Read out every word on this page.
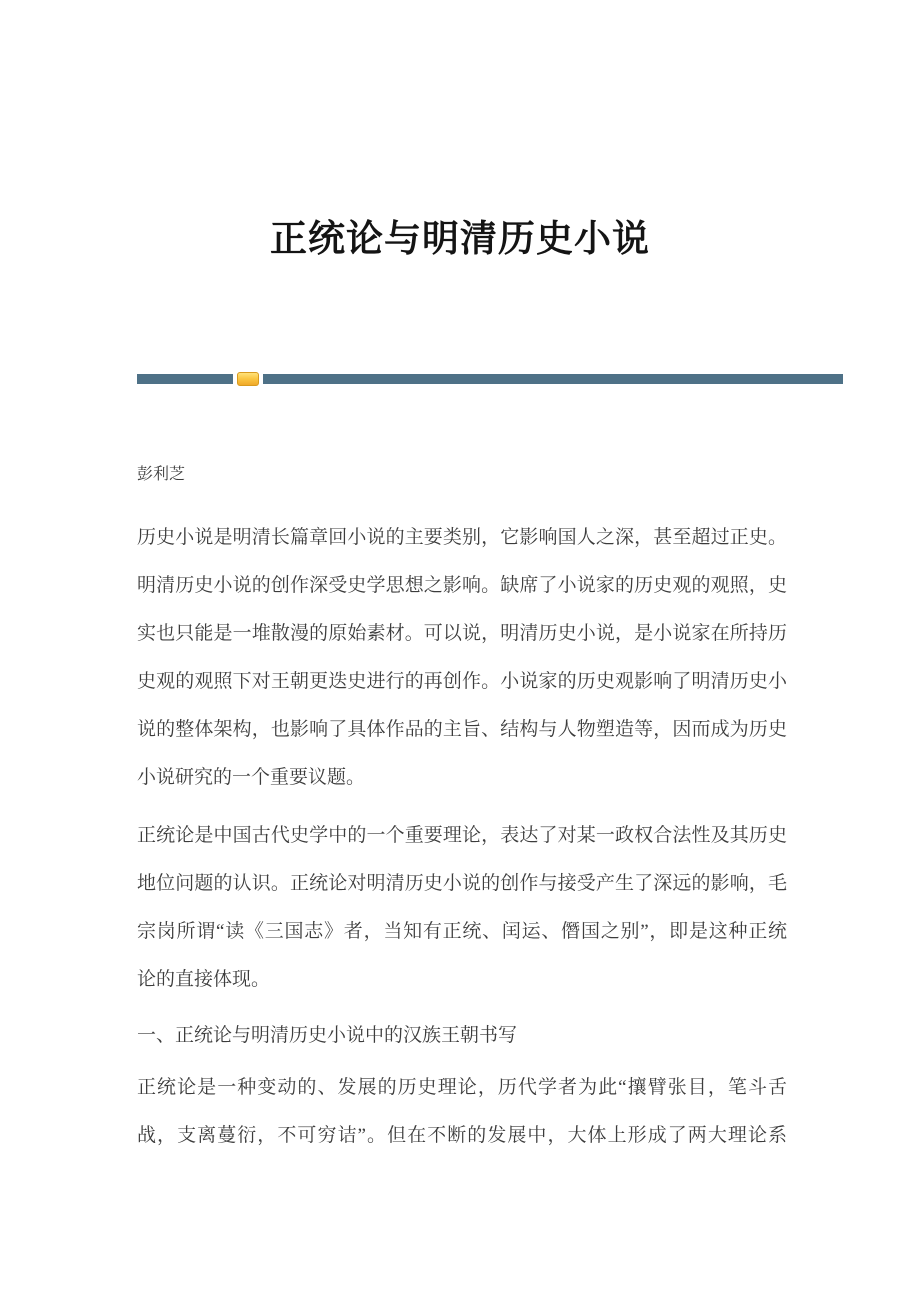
正统论与明清历史小说
彭利芝
历史小说是明清长篇章回小说的主要类别，它影响国人之深，甚至超过正史。
明清历史小说的创作深受史学思想之影响。缺席了小说家的历史观的观照，史
实也只能是一堆散漫的原始素材。可以说，明清历史小说，是小说家在所持历
史观的观照下对王朝更迭史进行的再创作。小说家的历史观影响了明清历史小
说的整体架构，也影响了具体作品的主旨、结构与人物塑造等，因而成为历史
小说研究的一个重要议题。
正统论是中国古代史学中的一个重要理论，表达了对某一政权合法性及其历史
地位问题的认识。正统论对明清历史小说的创作与接受产生了深远的影响，毛
宗岗所谓“读《三国志》者，当知有正统、闰运、僭国之别”，即是这种正统
论的直接体现。
一、正统论与明清历史小说中的汉族王朝书写
正统论是一种变动的、发展的历史理论，历代学者为此“攘臂张目，笔斗舌
战，支离蔓衍，不可穷诘”。但在不断的发展中，大体上形成了两大理论系
